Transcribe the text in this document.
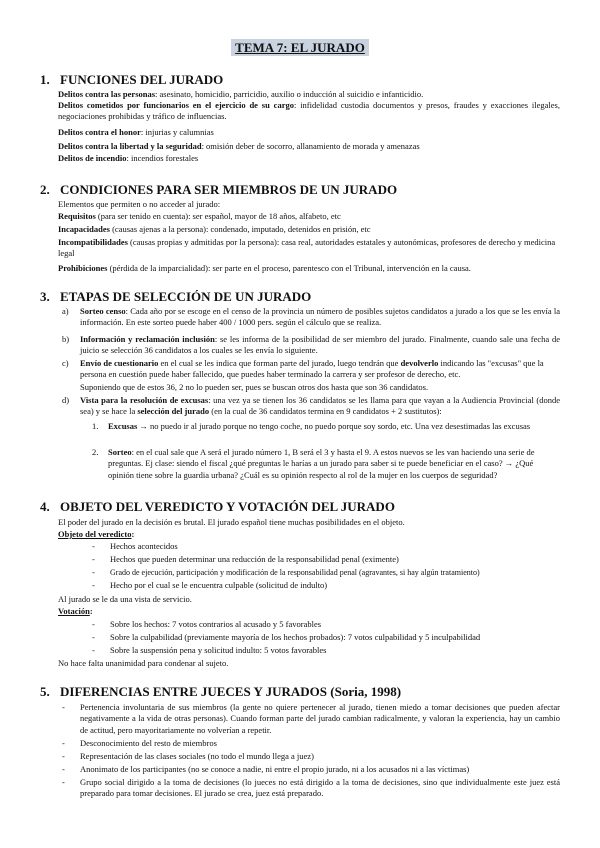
TEMA 7: EL JURADO
1. FUNCIONES DEL JURADO
Delitos contra las personas: asesinato, homicidio, parricidio, auxilio o inducción al suicidio e infanticidio.
Delitos cometidos por funcionarios en el ejercicio de su cargo: infidelidad custodia documentos y presos, fraudes y exacciones ilegales, negociaciones prohibidas y tráfico de influencias.
Delitos contra el honor: injurias y calumnias
Delitos contra la libertad y la seguridad: omisión deber de socorro, allanamiento de morada y amenazas
Delitos de incendio: incendios forestales
2. CONDICIONES PARA SER MIEMBROS DE UN JURADO
Elementos que permiten o no acceder al jurado:
Requisitos (para ser tenido en cuenta): ser español, mayor de 18 años, alfabeto, etc
Incapacidades (causas ajenas a la persona): condenado, imputado, detenidos en prisión, etc
Incompatibilidades (causas propias y admitidas por la persona): casa real, autoridades estatales y autonómicas, profesores de derecho y medicina legal
Prohibiciones (pérdida de la imparcialidad): ser parte en el proceso, parentesco con el Tribunal, intervención en la causa.
3. ETAPAS DE SELECCIÓN DE UN JURADO
a) Sorteo censo: Cada año por se escoge en el censo de la provincia un número de posibles sujetos candidatos a jurado a los que se les envía la información. En este sorteo puede haber 400 / 1000 pers. según el cálculo que se realiza.
b) Información y reclamación inclusión: se les informa de la posibilidad de ser miembro del jurado. Finalmente, cuando sale una fecha de juicio se selección 36 candidatos a los cuales se les envía lo siguiente.
c) Envío de cuestionario en el cual se les indica que forman parte del jurado, luego tendrán que devolverlo indicando las "excusas" que la persona en cuestión puede haber fallecido, que puedes haber terminado la carrera y ser profesor de derecho, etc.
Suponiendo que de estos 36, 2 no lo pueden ser, pues se buscan otros dos hasta que son 36 candidatos.
d) Vista para la resolución de excusas: una vez ya se tienen los 36 candidatos se les llama para que vayan a la Audiencia Provincial (donde sea) y se hace la selección del jurado (en la cual de 36 candidatos termina en 9 candidatos + 2 sustitutos):
1. Excusas → no puedo ir al jurado porque no tengo coche, no puedo porque soy sordo, etc. Una vez desestimadas las excusas
2. Sorteo: en el cual sale que A será el jurado número 1, B será el 3 y hasta el 9. A estos nuevos se les van haciendo una serie de preguntas. Ej clase: siendo el fiscal ¿qué preguntas le harías a un jurado para saber si te puede beneficiar en el caso? → ¿Qué opinión tiene sobre la guardia urbana? ¿Cuál es su opinión respecto al rol de la mujer en los cuerpos de seguridad?
4. OBJETO DEL VEREDICTO Y VOTACIÓN DEL JURADO
El poder del jurado en la decisión es brutal. El jurado español tiene muchas posibilidades en el objeto.
Objeto del veredicto:
- Hechos acontecidos
- Hechos que pueden determinar una reducción de la responsabilidad penal (eximente)
- Grado de ejecución, participación y modificación de la responsabilidad penal (agravantes, si hay algún tratamiento)
- Hecho por el cual se le encuentra culpable (solicitud de indulto)
Al jurado se le da una vista de servicio.
Votación:
- Sobre los hechos: 7 votos contrarios al acusado y 5 favorables
- Sobre la culpabilidad (previamente mayoría de los hechos probados): 7 votos culpabilidad y 5 inculpabilidad
- Sobre la suspensión pena y solicitud indulto: 5 votos favorables
No hace falta unanimidad para condenar al sujeto.
5. DIFERENCIAS ENTRE JUECES Y JURADOS (Soria, 1998)
- Pertenencia involuntaria de sus miembros (la gente no quiere pertenecer al jurado, tienen miedo a tomar decisiones que pueden afectar negativamente a la vida de otras personas). Cuando forman parte del jurado cambian radicalmente, y valoran la experiencia, hay un cambio de actitud, pero mayoritariamente no volverían a repetir.
- Desconocimiento del resto de miembros
- Representación de las clases sociales (no todo el mundo llega a juez)
- Anonimato de los participantes (no se conoce a nadie, ni entre el propio jurado, ni a los acusados ni a las víctimas)
- Grupo social dirigido a la toma de decisiones (lo jueces no está dirigido a la toma de decisiones, sino que individualmente este juez está preparado para tomar decisiones. El jurado se crea, juez está preparado.
